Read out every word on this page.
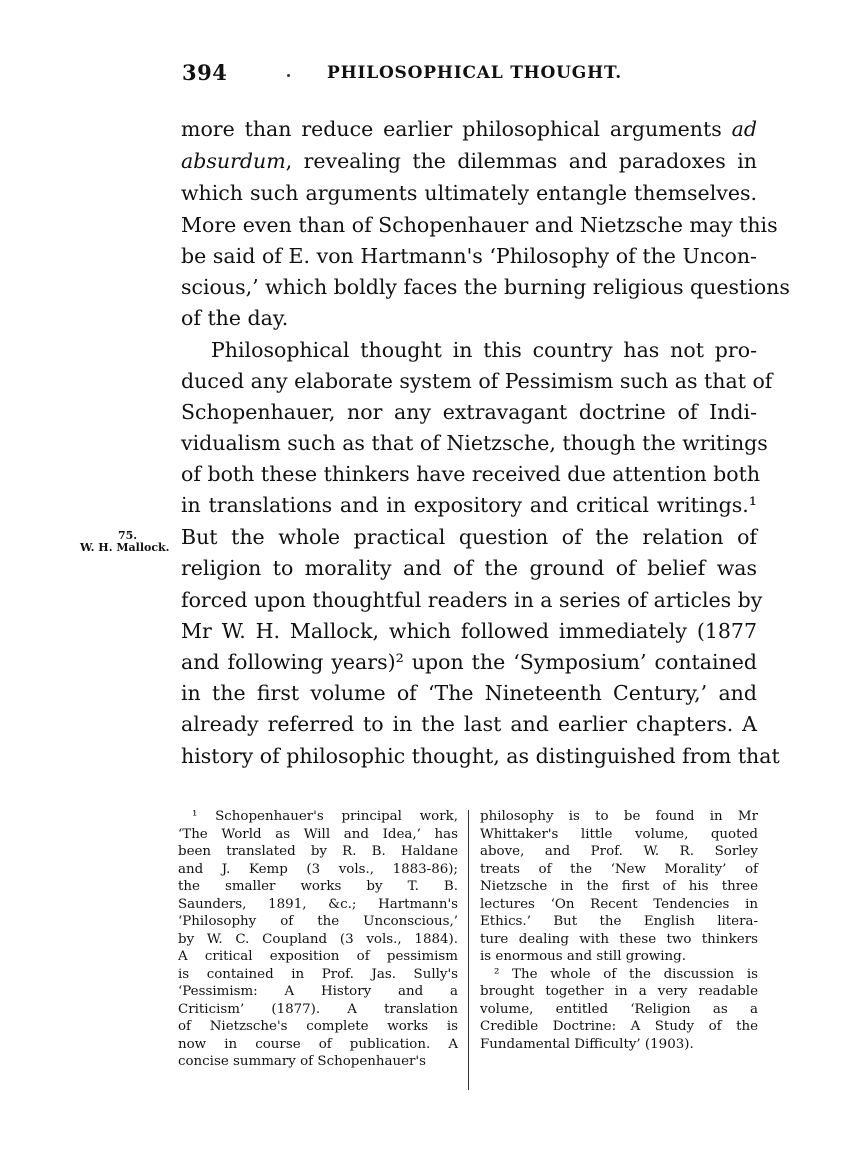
394	PHILOSOPHICAL THOUGHT.
more than reduce earlier philosophical arguments ad
absurdum, revealing the dilemmas and paradoxes in
which such arguments ultimately entangle themselves.
More even than of Schopenhauer and Nietzsche may this
be said of E. von Hartmann's ‘Philosophy of the Uncon-
scious,’ which boldly faces the burning religious questions
of the day.
Philosophical thought in this country has not pro-
duced any elaborate system of Pessimism such as that of
Schopenhauer, nor any extravagant doctrine of Indi-
vidualism such as that of Nietzsche, though the writings
of both these thinkers have received due attention both
in translations and in expository and critical writings.¹
But the whole practical question of the relation of
religion to morality and of the ground of belief was
forced upon thoughtful readers in a series of articles by
Mr W. H. Mallock, which followed immediately (1877
and following years)² upon the ‘Symposium’ contained
in the first volume of ‘The Nineteenth Century,’ and
already referred to in the last and earlier chapters. A
history of philosophic thought, as distinguished from that
75.
W. H. Mallock.
¹ Schopenhauer's principal work,
‘The World as Will and Idea,’ has
been translated by R. B. Haldane
and J. Kemp (3 vols., 1883-86);
the smaller works by T. B.
Saunders, 1891, &c.; Hartmann's
‘Philosophy of the Unconscious,’
by W. C. Coupland (3 vols., 1884).
A critical exposition of pessimism
is contained in Prof. Jas. Sully's
‘Pessimism: A History and a
Criticism’ (1877). A translation
of Nietzsche's complete works is
now in course of publication. A
concise summary of Schopenhauer's
philosophy is to be found in Mr
Whittaker's little volume, quoted
above, and Prof. W. R. Sorley
treats of the ‘New Morality’ of
Nietzsche in the first of his three
lectures ‘On Recent Tendencies in
Ethics.’ But the English litera-
ture dealing with these two thinkers
is enormous and still growing.
² The whole of the discussion is
brought together in a very readable
volume, entitled ‘Religion as a
Credible Doctrine: A Study of the
Fundamental Difficulty’ (1903).
